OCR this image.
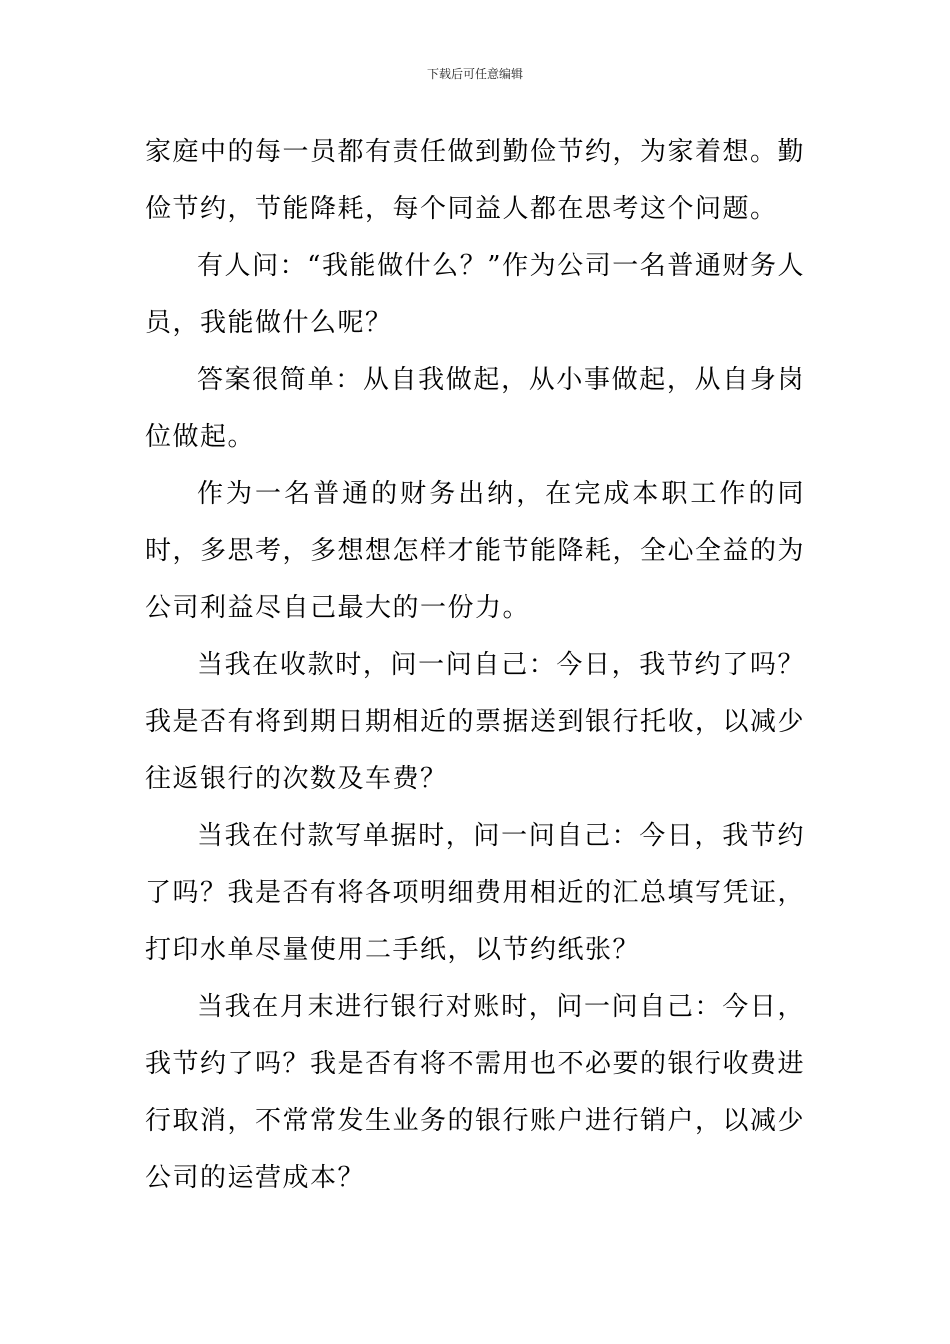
下载后可任意编辑

家庭中的每一员都有责任做到勤俭节约，为家着想。勤俭节约，节能降耗，每个同益人都在思考这个问题。

有人问：“我能做什么？”作为公司一名普通财务人员，我能做什么呢？

答案很简单：从自我做起，从小事做起，从自身岗位做起。

作为一名普通的财务出纳，在完成本职工作的同时，多思考，多想想怎样才能节能降耗，全心全益的为公司利益尽自己最大的一份力。

当我在收款时，问一问自己：今日，我节约了吗？我是否有将到期日期相近的票据送到银行托收，以减少往返银行的次数及车费？

当我在付款写单据时，问一问自己：今日，我节约了吗？我是否有将各项明细费用相近的汇总填写凭证，打印水单尽量使用二手纸，以节约纸张？

当我在月末进行银行对账时，问一问自己：今日，我节约了吗？我是否有将不需用也不必要的银行收费进行取消，不常常发生业务的银行账户进行销户，以减少公司的运营成本？
